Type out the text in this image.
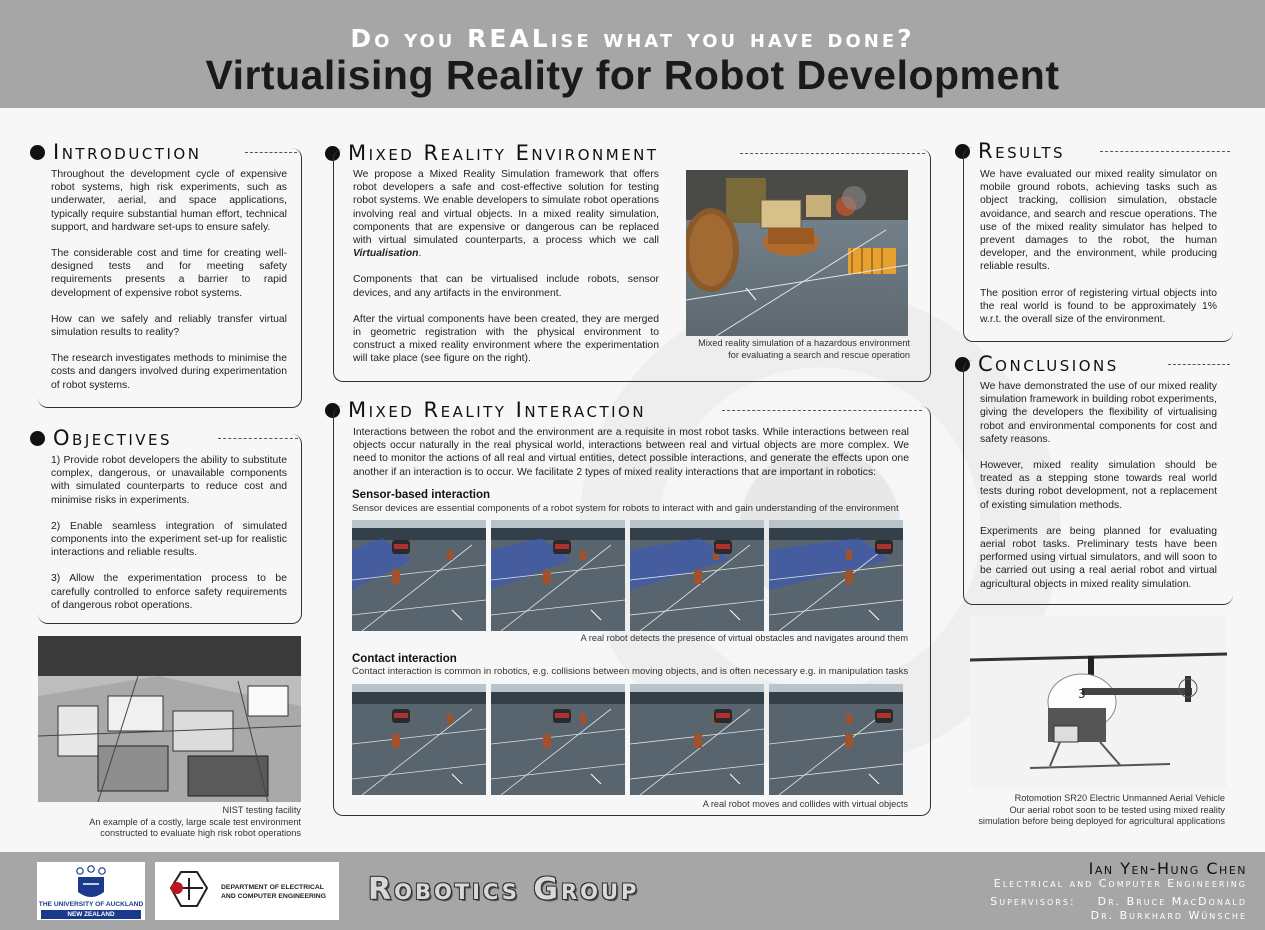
Do you REALise what you have done?
Virtualising Reality for Robot Development
Introduction

Throughout the development cycle of expensive robot systems, high risk experiments, such as underwater, aerial, and space applications, typically require substantial human effort, technical support, and hardware set-ups to ensure safely.

The considerable cost and time for creating well-designed tests and for meeting safety requirements presents a barrier to rapid development of expensive robot systems.

How can we safely and reliably transfer virtual simulation results to reality?

The research investigates methods to minimise the costs and dangers involved during experimentation of robot systems.

Objectives

1) Provide robot developers the ability to substitute complex, dangerous, or unavailable components with simulated counterparts to reduce cost and minimise risks in experiments.

2) Enable seamless integration of simulated components into the experiment set-up for realistic interactions and reliable results.

3) Allow the experimentation process to be carefully controlled to enforce safety requirements of dangerous robot operations.

NIST testing facility
An example of a costly, large scale test environment
constructed to evaluate high risk robot operations
Mixed Reality Environment

We propose a Mixed Reality Simulation framework that offers robot developers a safe and cost-effective solution for testing robot systems. We enable developers to simulate robot operations involving real and virtual objects. In a mixed reality simulation, components that are expensive or dangerous can be replaced with virtual simulated counterparts, a process which we call Virtualisation.

Components that can be virtualised include robots, sensor devices, and any artifacts in the environment.

After the virtual components have been created, they are merged in geometric registration with the physical environment to construct a mixed reality environment where the experimentation will take place (see figure on the right).

Mixed reality simulation of a hazardous environment
for evaluating a search and rescue operation
Mixed Reality Interaction
Interactions between the robot and the environment are a requisite in most robot tasks. While interactions between real objects occur naturally in the real physical world, interactions between real and virtual objects are more complex. We need to monitor the actions of all real and virtual entities, detect possible interactions, and generate the effects upon one another if an interaction is to occur. We facilitate 2 types of mixed reality interactions that are important in robotics:
Sensor-based interaction
Sensor devices are essential components of a robot system for robots to interact with and gain understanding of the environment
A real robot detects the presence of virtual obstacles and navigates around them
Contact interaction
Contact interaction is common in robotics, e.g. collisions between moving objects, and is often necessary e.g. in manipulation tasks
A real robot moves and collides with virtual objects
Results

We have evaluated our mixed reality simulator on mobile ground robots, achieving tasks such as object tracking, collision simulation, obstacle avoidance, and search and rescue operations. The use of the mixed reality simulator has helped to prevent damages to the robot, the human developer, and the environment, while producing reliable results.

The position error of registering virtual objects into the real world is found to be approximately 1% w.r.t. the overall size of the environment.

Conclusions

We have demonstrated the use of our mixed reality simulation framework in building robot experiments, giving the developers the flexibility of virtualising robot and environmental components for cost and safety reasons.

However, mixed reality simulation should be treated as a stepping stone towards real world tests during robot development, not a replacement of existing simulation methods.

Experiments are being planned for evaluating aerial robot tasks. Preliminary tests have been performed using virtual simulators, and will soon to be carried out using a real aerial robot and virtual agricultural objects in mixed reality simulation.

3
Rotomotion SR20 Electric Unmanned Aerial Vehicle
Our aerial robot soon to be tested using mixed reality
simulation before being deployed for agricultural applications
THE UNIVERSITY OF AUCKLAND
NEW ZEALAND
DEPARTMENT OF ELECTRICAL
AND COMPUTER ENGINEERING Robotics Group
Ian Yen-Hung Chen
Electrical and Computer Engineering
Supervisors: Dr. Bruce MacDonald
Dr. Burkhard Wünsche
